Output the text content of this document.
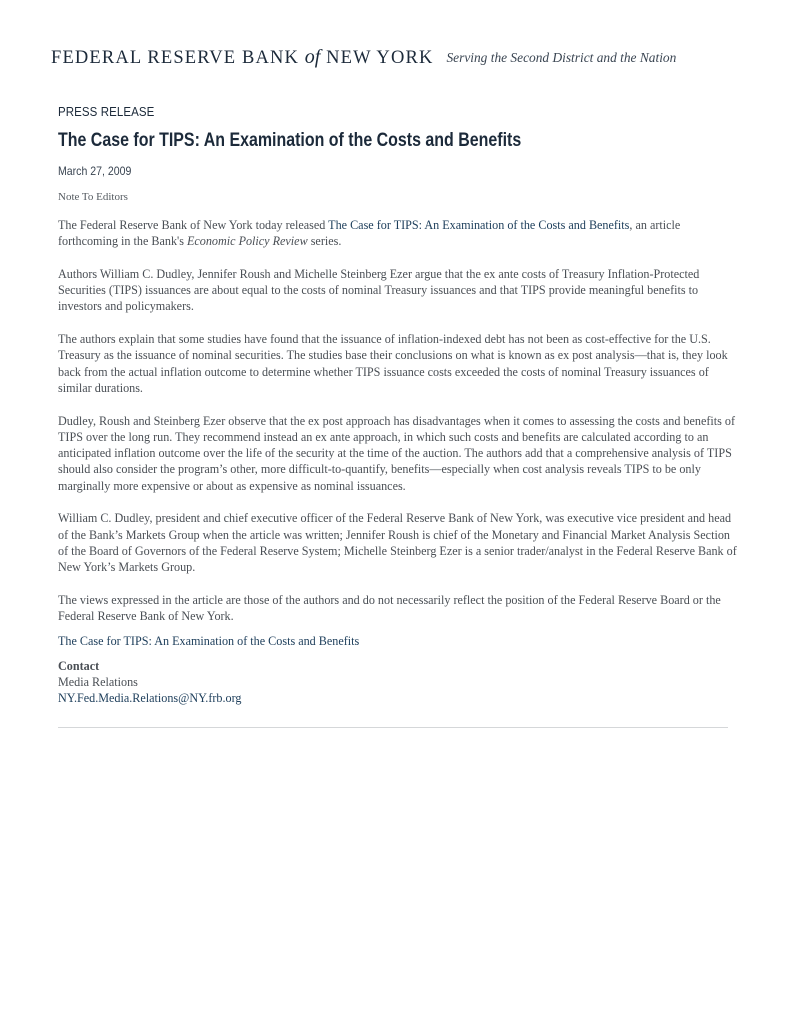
FEDERAL RESERVE BANK of NEW YORK Serving the Second District and the Nation

PRESS RELEASE

The Case for TIPS: An Examination of the Costs and Benefits

March 27, 2009

Note To Editors

The Federal Reserve Bank of New York today released The Case for TIPS: An Examination of the Costs and Benefits, an article forthcoming in the Bank's Economic Policy Review series.

Authors William C. Dudley, Jennifer Roush and Michelle Steinberg Ezer argue that the ex ante costs of Treasury Inflation-Protected Securities (TIPS) issuances are about equal to the costs of nominal Treasury issuances and that TIPS provide meaningful benefits to investors and policymakers.

The authors explain that some studies have found that the issuance of inflation-indexed debt has not been as cost-effective for the U.S. Treasury as the issuance of nominal securities. The studies base their conclusions on what is known as ex post analysis—that is, they look back from the actual inflation outcome to determine whether TIPS issuance costs exceeded the costs of nominal Treasury issuances of similar durations.

Dudley, Roush and Steinberg Ezer observe that the ex post approach has disadvantages when it comes to assessing the costs and benefits of TIPS over the long run. They recommend instead an ex ante approach, in which such costs and benefits are calculated according to an anticipated inflation outcome over the life of the security at the time of the auction. The authors add that a comprehensive analysis of TIPS should also consider the program’s other, more difficult-to-quantify, benefits—especially when cost analysis reveals TIPS to be only marginally more expensive or about as expensive as nominal issuances.

William C. Dudley, president and chief executive officer of the Federal Reserve Bank of New York, was executive vice president and head of the Bank’s Markets Group when the article was written; Jennifer Roush is chief of the Monetary and Financial Market Analysis Section of the Board of Governors of the Federal Reserve System; Michelle Steinberg Ezer is a senior trader/analyst in the Federal Reserve Bank of New York’s Markets Group.

The views expressed in the article are those of the authors and do not necessarily reflect the position of the Federal Reserve Board or the Federal Reserve Bank of New York.

The Case for TIPS: An Examination of the Costs and Benefits

Contact

Media Relations

NY.Fed.Media.Relations@NY.frb.org
